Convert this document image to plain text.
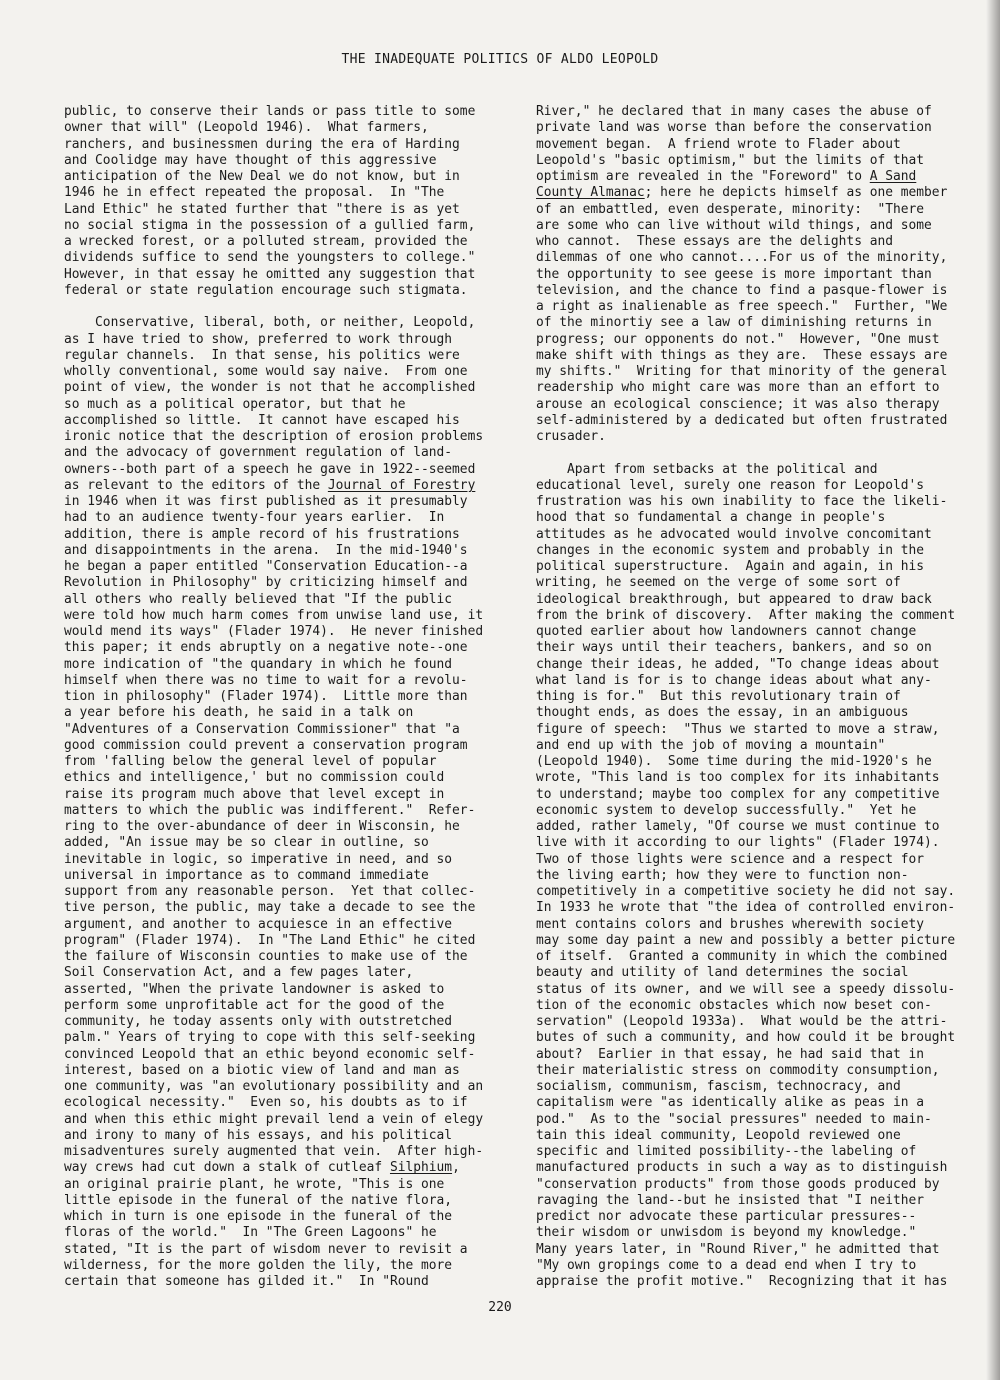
THE INADEQUATE POLITICS OF ALDO LEOPOLD
public, to conserve their lands or pass title to some
owner that will" (Leopold 1946).  What farmers,
ranchers, and businessmen during the era of Harding
and Coolidge may have thought of this aggressive
anticipation of the New Deal we do not know, but in
1946 he in effect repeated the proposal.  In "The
Land Ethic" he stated further that "there is as yet
no social stigma in the possession of a gullied farm,
a wrecked forest, or a polluted stream, provided the
dividends suffice to send the youngsters to college."
However, in that essay he omitted any suggestion that
federal or state regulation encourage such stigmata.
Conservative, liberal, both, or neither, Leopold,
as I have tried to show, preferred to work through
regular channels.  In that sense, his politics were
wholly conventional, some would say naive.  From one
point of view, the wonder is not that he accomplished
so much as a political operator, but that he
accomplished so little.  It cannot have escaped his
ironic notice that the description of erosion problems
and the advocacy of government regulation of land-
owners--both part of a speech he gave in 1922--seemed
as relevant to the editors of the Journal of Forestry
in 1946 when it was first published as it presumably
had to an audience twenty-four years earlier.  In
addition, there is ample record of his frustrations
and disappointments in the arena.  In the mid-1940's
he began a paper entitled "Conservation Education--a
Revolution in Philosophy" by criticizing himself and
all others who really believed that "If the public
were told how much harm comes from unwise land use, it
would mend its ways" (Flader 1974).  He never finished
this paper; it ends abruptly on a negative note--one
more indication of "the quandary in which he found
himself when there was no time to wait for a revolu-
tion in philosophy" (Flader 1974).  Little more than
a year before his death, he said in a talk on
"Adventures of a Conservation Commissioner" that "a
good commission could prevent a conservation program
from 'falling below the general level of popular
ethics and intelligence,' but no commission could
raise its program much above that level except in
matters to which the public was indifferent."  Refer-
ring to the over-abundance of deer in Wisconsin, he
added, "An issue may be so clear in outline, so
inevitable in logic, so imperative in need, and so
universal in importance as to command immediate
support from any reasonable person.  Yet that collec-
tive person, the public, may take a decade to see the
argument, and another to acquiesce in an effective
program" (Flader 1974).  In "The Land Ethic" he cited
the failure of Wisconsin counties to make use of the
Soil Conservation Act, and a few pages later,
asserted, "When the private landowner is asked to
perform some unprofitable act for the good of the
community, he today assents only with outstretched
palm." Years of trying to cope with this self-seeking
convinced Leopold that an ethic beyond economic self-
interest, based on a biotic view of land and man as
one community, was "an evolutionary possibility and an
ecological necessity."  Even so, his doubts as to if
and when this ethic might prevail lend a vein of elegy
and irony to many of his essays, and his political
misadventures surely augmented that vein.  After high-
way crews had cut down a stalk of cutleaf Silphium,
an original prairie plant, he wrote, "This is one
little episode in the funeral of the native flora,
which in turn is one episode in the funeral of the
floras of the world."  In "The Green Lagoons" he
stated, "It is the part of wisdom never to revisit a
wilderness, for the more golden the lily, the more
certain that someone has gilded it."  In "Round
River," he declared that in many cases the abuse of
private land was worse than before the conservation
movement began.  A friend wrote to Flader about
Leopold's "basic optimism," but the limits of that
optimism are revealed in the "Foreword" to A Sand
County Almanac; here he depicts himself as one member
of an embattled, even desperate, minority:  "There
are some who can live without wild things, and some
who cannot.  These essays are the delights and
dilemmas of one who cannot....For us of the minority,
the opportunity to see geese is more important than
television, and the chance to find a pasque-flower is
a right as inalienable as free speech."  Further, "We
of the minortiy see a law of diminishing returns in
progress; our opponents do not."  However, "One must
make shift with things as they are.  These essays are
my shifts."  Writing for that minority of the general
readership who might care was more than an effort to
arouse an ecological conscience; it was also therapy
self-administered by a dedicated but often frustrated
crusader.
Apart from setbacks at the political and
educational level, surely one reason for Leopold's
frustration was his own inability to face the likeli-
hood that so fundamental a change in people's
attitudes as he advocated would involve concomitant
changes in the economic system and probably in the
political superstructure.  Again and again, in his
writing, he seemed on the verge of some sort of
ideological breakthrough, but appeared to draw back
from the brink of discovery.  After making the comment
quoted earlier about how landowners cannot change
their ways until their teachers, bankers, and so on
change their ideas, he added, "To change ideas about
what land is for is to change ideas about what any-
thing is for."  But this revolutionary train of
thought ends, as does the essay, in an ambiguous
figure of speech:  "Thus we started to move a straw,
and end up with the job of moving a mountain"
(Leopold 1940).  Some time during the mid-1920's he
wrote, "This land is too complex for its inhabitants
to understand; maybe too complex for any competitive
economic system to develop successfully."  Yet he
added, rather lamely, "Of course we must continue to
live with it according to our lights" (Flader 1974).
Two of those lights were science and a respect for
the living earth; how they were to function non-
competitively in a competitive society he did not say.
In 1933 he wrote that "the idea of controlled environ-
ment contains colors and brushes wherewith society
may some day paint a new and possibly a better picture
of itself.  Granted a community in which the combined
beauty and utility of land determines the social
status of its owner, and we will see a speedy dissolu-
tion of the economic obstacles which now beset con-
servation" (Leopold 1933a).  What would be the attri-
butes of such a community, and how could it be brought
about?  Earlier in that essay, he had said that in
their materialistic stress on commodity consumption,
socialism, communism, fascism, technocracy, and
capitalism were "as identically alike as peas in a
pod."  As to the "social pressures" needed to main-
tain this ideal community, Leopold reviewed one
specific and limited possibility--the labeling of
manufactured products in such a way as to distinguish
"conservation products" from those goods produced by
ravaging the land--but he insisted that "I neither
predict nor advocate these particular pressures--
their wisdom or unwisdom is beyond my knowledge."
Many years later, in "Round River," he admitted that
"My own gropings come to a dead end when I try to
appraise the profit motive."  Recognizing that it has
220
